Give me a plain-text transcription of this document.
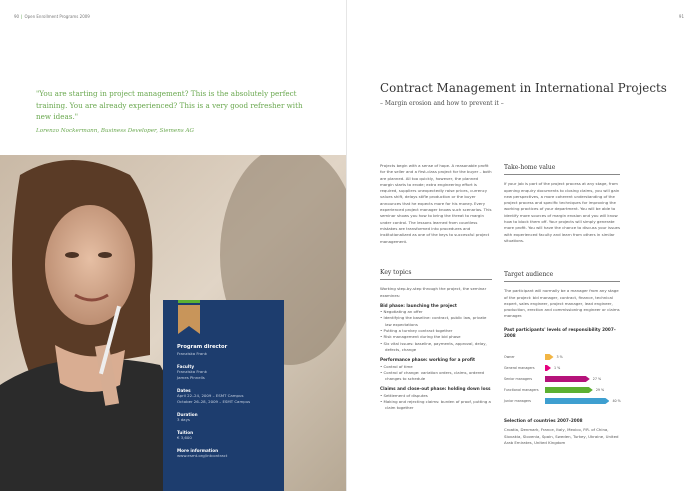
90 | Open Enrollment Programs 2009
"You are starting in project management? This is the absolutely perfect training. You are already experienced? This is a very good refresher with new ideas."
Lorenzo Nockermann, Business Developer, Siemens AG
Program director
Franziska Frank
Faculty
Franziska Frank
James Pinnells
Dates
April 22–24, 2009 – ESMT Campus
October 26–28, 2009 – ESMT Campus
Duration
3 days
Tuition
€ 3,600
More information
www.esmt.org/intcontract
91
Contract Management in International Projects
– Margin erosion and how to prevent it –
Projects begin with a sense of hope. A reasonable profit for the seller and a first-class project for the buyer – both are planned. All too quickly, however, the planned margin starts to erode; extra engineering effort is required, suppliers unexpectedly raise prices, currency values shift, delays stifle production or the buyer announces that he expects more for his money. Every experienced project manager knows such scenarios. This seminar shows you how to bring the threat to margin under control. The lessons learned from countless mistakes are transformed into procedures and institutionalized as one of the keys to successful project management.
Key topics
Working step-by-step through the project, the seminar examines:
Bid phase: launching the project
• Negotiating an offer
• Identifying the baseline: contract, public law, private law expectations
• Putting a turnkey contract together
• Risk management during the bid phase
• Six vital issues: baseline, payments, approval, delay, defects, change
Performance phase: working for a profit
• Control of time
• Control of change: variation orders, claims, ordered changes to schedule
Claims and close-out phase: holding down loss
• Settlement of disputes
• Making and rejecting claims: burden of proof, putting a claim together
Take-home value
If your job is part of the project process at any stage, from opening enquiry documents to closing claims, you will gain new perspectives, a more coherent understanding of the project process and specific techniques for improving the working practices of your department. You will be able to identify more sources of margin erosion and you will know how to block them off. Your projects will simply generate more profit. You will have the chance to discuss your issues with experienced faculty and learn from others in similar situations.
Target audience
The participant will normally be a manager from any stage of the project: bid manager, contract, finance, technical expert, sales engineer, project manager, lead engineer, production, erection and commissioning engineer or claims manager.
Past participants' levels of responsibility 2007–2008
Owner	3 %
General managers	1 %
Senior managers	27 %
Functional managers	29 %
Junior managers	40 %
Selection of countries 2007–2008
Croatia, Denmark, France, Italy, Mexico, P.R. of China, Slovakia, Slovenia, Spain, Sweden, Turkey, Ukraine, United Arab Emirates, United Kingdom
